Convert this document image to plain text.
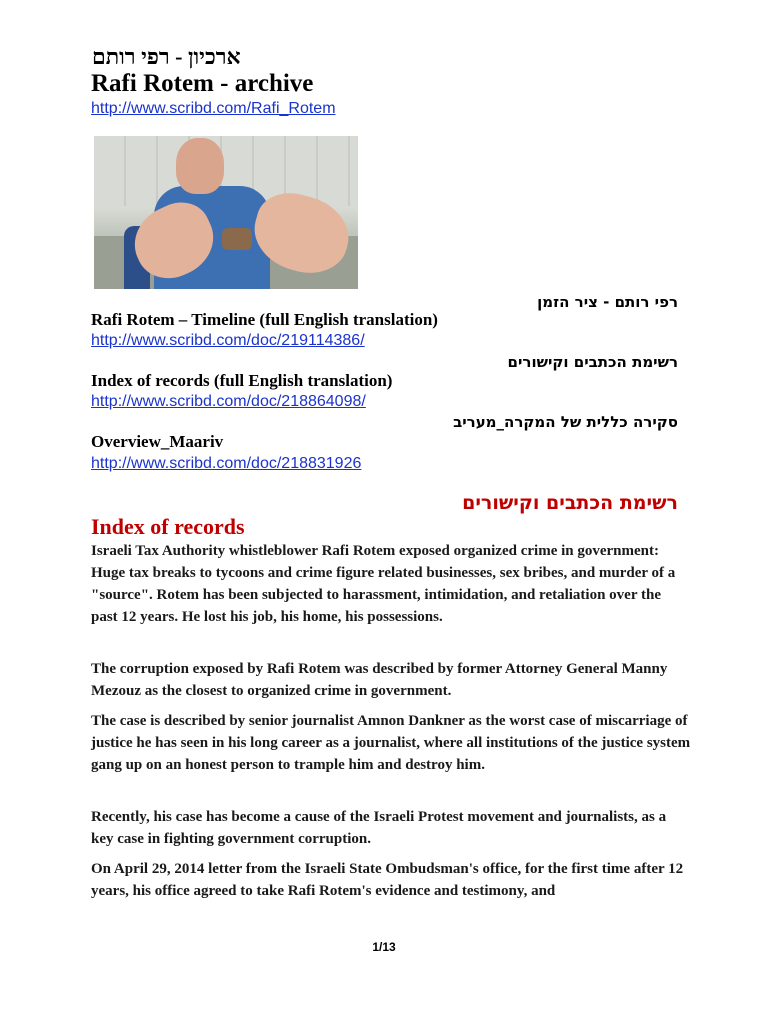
ארכיון - רפי רותם
Rafi Rotem - archive
http://www.scribd.com/Rafi_Rotem
רפי רותם - ציר הזמן
Rafi Rotem – Timeline (full English translation)
http://www.scribd.com/doc/219114386/
רשימת הכתבים וקישורים
Index of records (full English translation)
http://www.scribd.com/doc/218864098/
סקירה כללית של המקרה_מעריב
Overview_Maariv
http://www.scribd.com/doc/218831926
רשימת הכתבים וקישורים
Index of records

Israeli Tax Authority whistleblower Rafi Rotem exposed organized crime in government: Huge tax breaks to tycoons and crime figure related businesses, sex bribes, and murder of a "source". Rotem has been subjected to harassment, intimidation, and retaliation over the past 12 years. He lost his job, his home, his possessions.

The corruption exposed by Rafi Rotem was described by former Attorney General Manny Mezouz as the closest to organized crime in government.

The case is described by senior journalist Amnon Dankner as the worst case of miscarriage of justice he has seen in his long career as a journalist, where all institutions of the justice system gang up on an honest person to trample him and destroy him.

Recently, his case has become a cause of the Israeli Protest movement and journalists, as a key case in fighting government corruption.

On April 29, 2014 letter from the Israeli State Ombudsman's office, for the first time after 12 years, his office agreed to take Rafi Rotem's evidence and testimony, and

1/13
